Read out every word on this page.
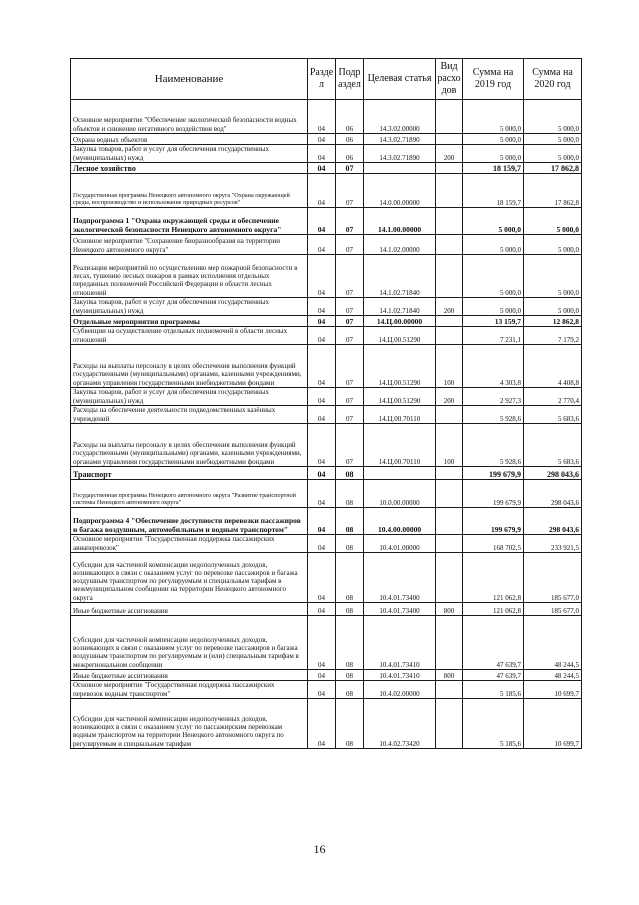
Наименование	Разде л	Подр аздел	Целевая статья	Вид расхо дов	Сумма на 2019 год	Сумма на 2020 год
Основное мероприятие "Обеспечение экологической безопасности водных объектов и снижение негативного воздействия вод"	04	06	14.3.02.00000		5 000,0	5 000,0
Охрана водных объектов	04	06	14.3.02.71890		5 000,0	5 000,0
Закупка товаров, работ и услуг для обеспечения государственных (муниципальных) нужд	04	06	14.3.02.71890	200	5 000,0	5 000,0
Лесное хозяйство	04	07			18 159,7	17 862,8
Государственная программа Ненецкого автономного округа "Охрана окружающей среды, воспроизводство и использование природных ресурсов"	04	07	14.0.00.00000		18 159,7	17 862,8
Подпрограмма 1 "Охрана окружающей среды и обеспечение экологической безопасности Ненецкого автономного округа"	04	07	14.1.00.00000		5 000,0	5 000,0
Основное мероприятие "Сохранение биоразнообразия на территории Ненецкого автономного округа"	04	07	14.1.02.00000		5 000,0	5 000,0
Реализация мероприятий по осуществлению мер пожарной безопасности в лесах, тушению лесных пожаров в рамках исполнения отдельных переданных полномочий Российской Федерации в области лесных отношений	04	07	14.1.02.71840		5 000,0	5 000,0
Закупка товаров, работ и услуг для обеспечения государственных (муниципальных) нужд	04	07	14.1.02.71840	200	5 000,0	5 000,0
Отдельные мероприятия программы	04	07	14.Ц.00.00000		13 159,7	12 862,8
Субвенции на осуществление отдельных полномочий в области лесных отношений	04	07	14.Ц.00.51290		7 231,1	7 179,2
Расходы на выплаты персоналу в целях обеспечения выполнения функций государственными (муниципальными) органами, казенными учреждениями, органами управления государственными внебюджетными фондами	04	07	14.Ц.00.51290	100	4 303,8	4 408,8
Закупка товаров, работ и услуг для обеспечения государственных (муниципальных) нужд	04	07	14.Ц.00.51290	200	2 927,3	2 770,4
Расходы на обеспечение деятельности подведомственных казённых учреждений	04	07	14.Ц.00.70110		5 928,6	5 683,6
Расходы на выплаты персоналу в целях обеспечения выполнения функций государственными (муниципальными) органами, казенными учреждениями, органами управления государственными внебюджетными фондами	04	07	14.Ц.00.70110	100	5 928,6	5 683,6
Транспорт	04	08			199 679,9	298 043,6
Государственная программа Ненецкого автономного округа "Развитие транспортной системы Ненецкого автономного округа"	04	08	10.0.00.00000		199 679,9	298 043,6
Подпрограмма 4 "Обеспечение доступности перевозки пассажиров и багажа воздушным, автомобильным и водным транспортом"	04	08	10.4.00.00000		199 679,9	298 043,6
Основное мероприятие "Государственная поддержка пассажирских авиаперевозок"	04	08	10.4.01.00000		168 702,5	233 921,5
Субсидии для частичной компенсации недополученных доходов, возникающих в связи с оказанием услуг по перевозке пассажиров и багажа воздушным транспортом по регулируемым и специальным тарифам в межмуниципальном сообщении на территории Ненецкого автономного округа	04	08	10.4.01.73400		121 062,8	185 677,0
Иные бюджетные ассигнования	04	08	10.4.01.73400	800	121 062,8	185 677,0
Субсидии для частичной компенсации недополученных доходов, возникающих в связи с оказанием услуг по перевозке пассажиров и багажа воздушным транспортом по регулируемым и (или) специальным тарифам в межрегиональном сообщении	04	08	10.4.01.73410		47 639,7	48 244,5
Иные бюджетные ассигнования	04	08	10.4.01.73410	800	47 639,7	48 244,5
Основное мероприятие "Государственная поддержка пассажирских перевозок водным транспортом"	04	08	10.4.02.00000		5 185,6	10 699,7
Субсидии для частичной компенсации недополученных доходов, возникающих в связи с оказанием услуг по пассажирским перевозкам водным транспортом на территории Ненецкого автономного округа по регулируемым и специальным тарифам	04	08	10.4.02.73420		5 185,6	10 699,7
16
